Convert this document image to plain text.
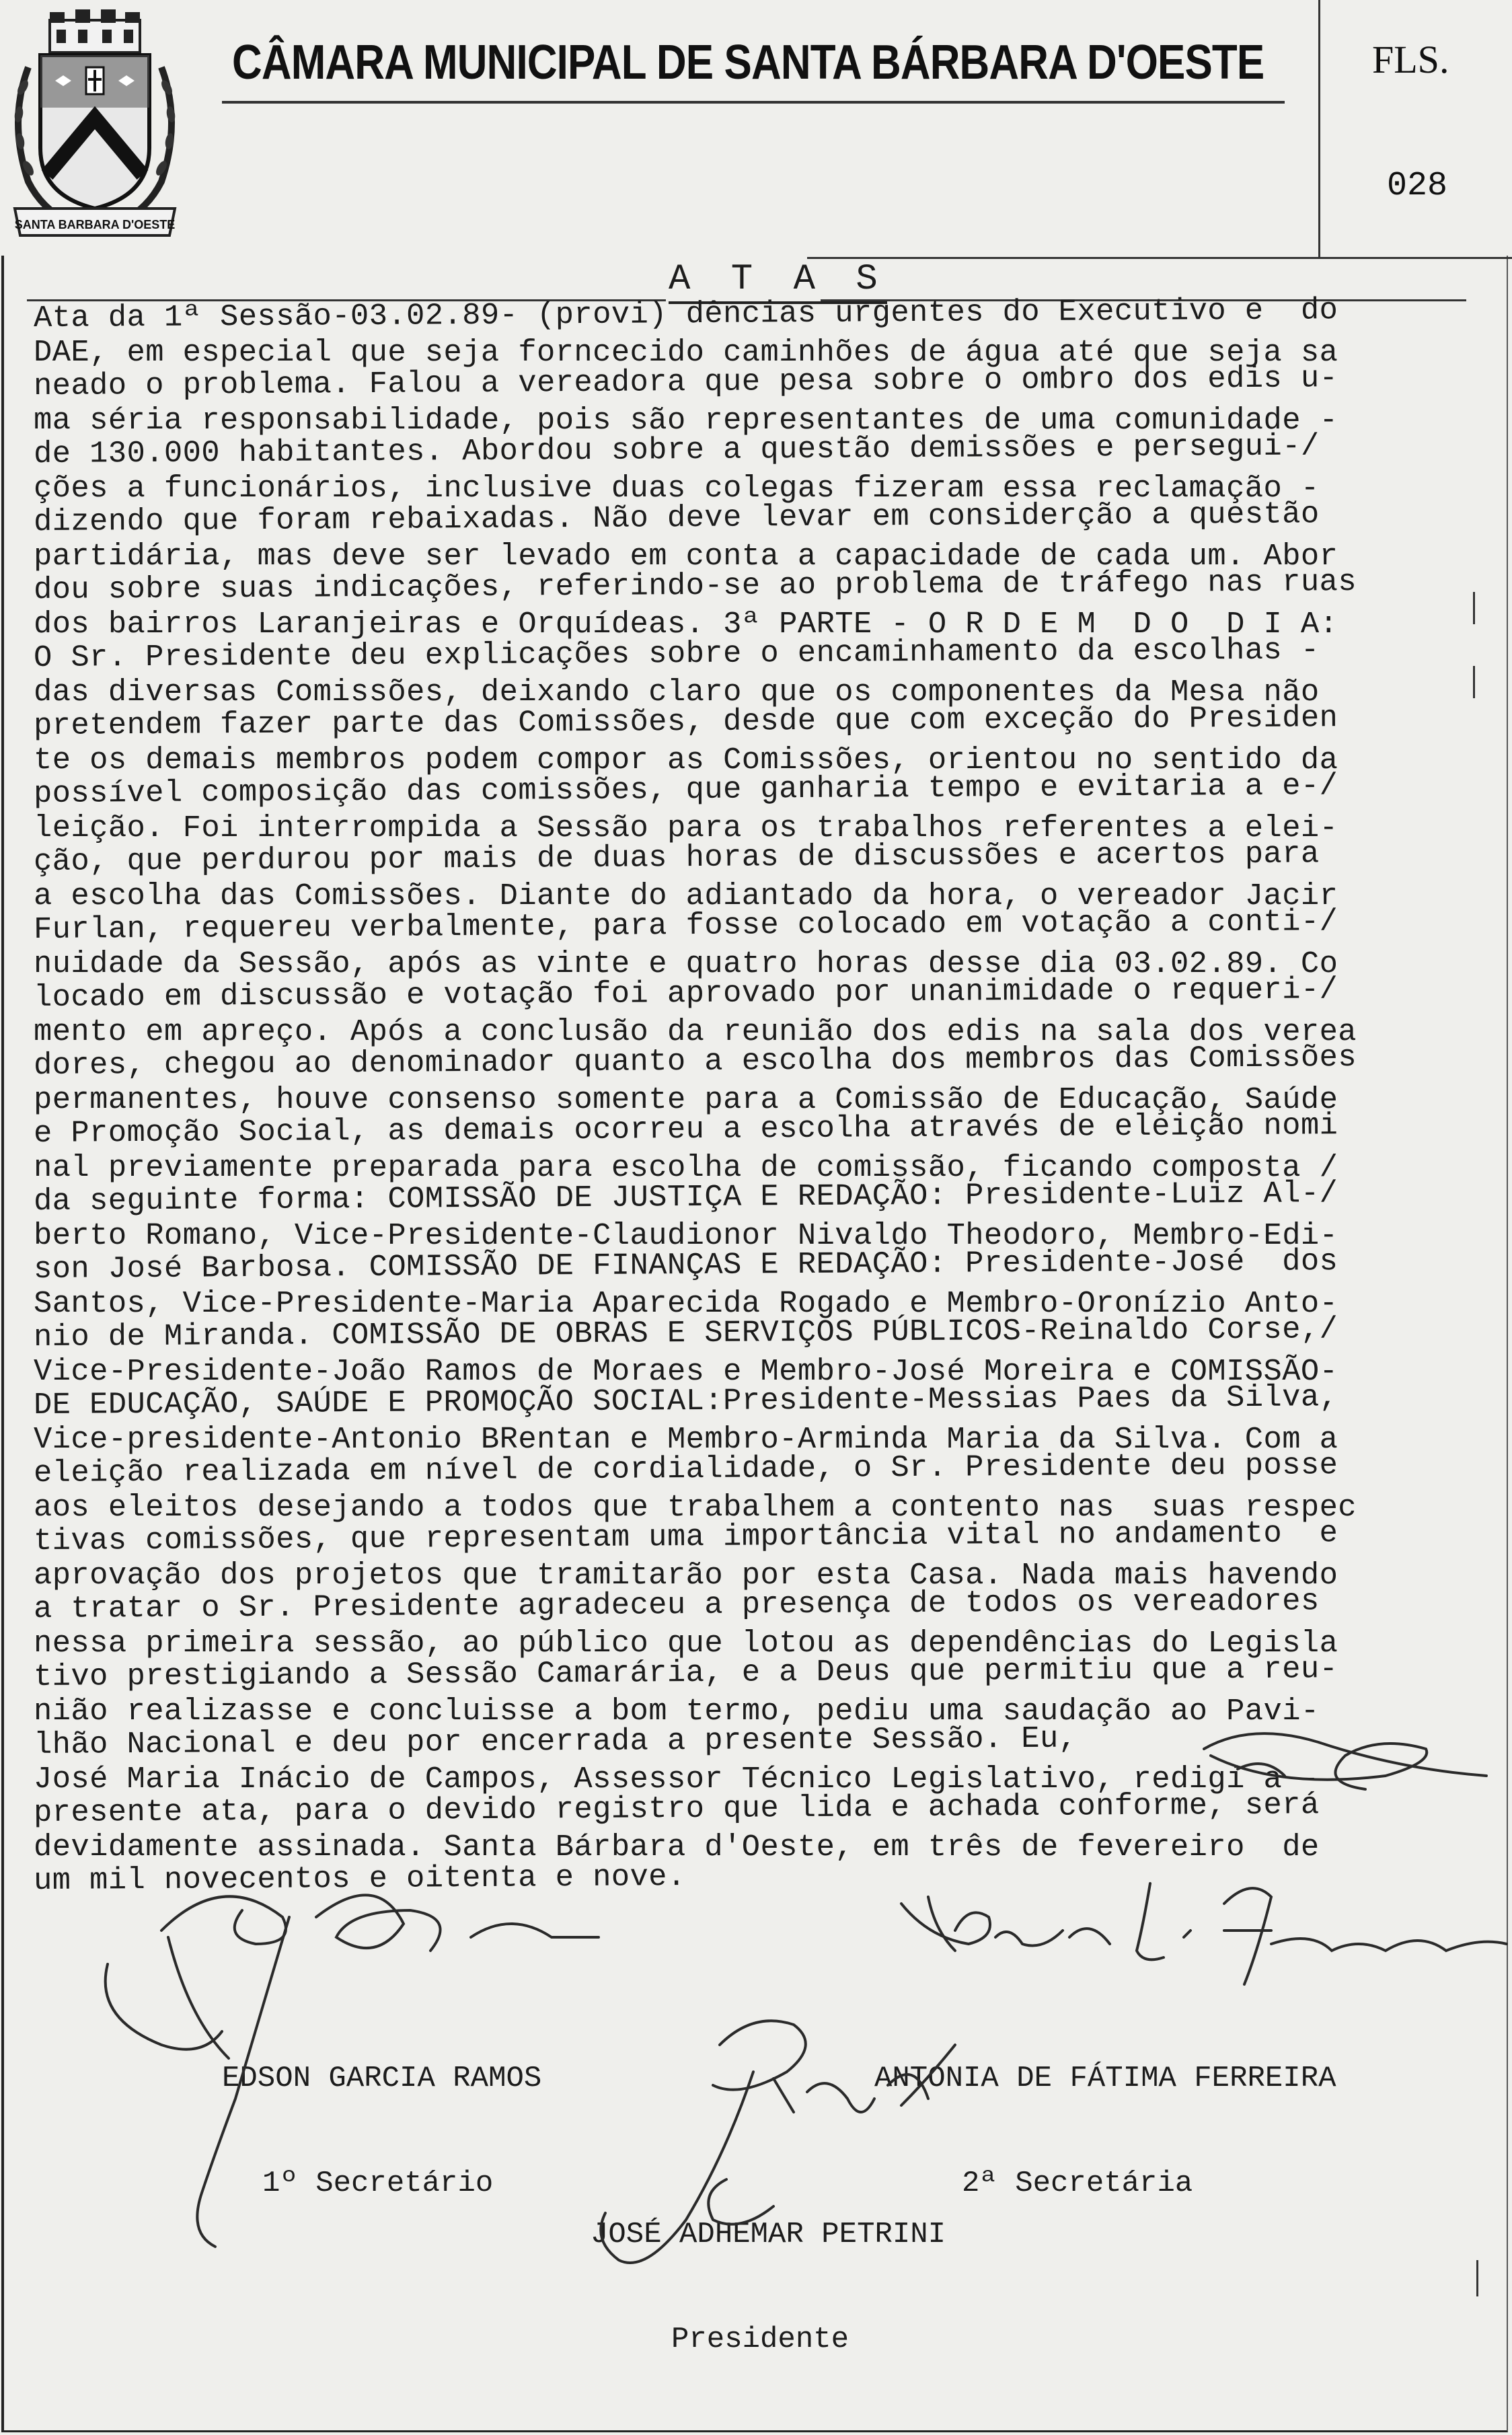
SANTA BARBARA D'OESTE
CÂMARA MUNICIPAL DE SANTA BÁRBARA D'OESTE	FLS.
028
A T A S
Ata da 1ª Sessão-03.02.89- (provi) dências urgentes do Executivo e  do
DAE, em especial que seja forncecido caminhões de água até que seja sa
neado o problema. Falou a vereadora que pesa sobre o ombro dos edis u-
ma séria responsabilidade, pois são representantes de uma comunidade -
de 130.000 habitantes. Abordou sobre a questão demissões e persegui-/
ções a funcionários, inclusive duas colegas fizeram essa reclamação -
dizendo que foram rebaixadas. Não deve levar em considerção a questão
partidária, mas deve ser levado em conta a capacidade de cada um. Abor
dou sobre suas indicações, referindo-se ao problema de tráfego nas ruas
dos bairros Laranjeiras e Orquídeas. 3ª PARTE - O R D E M  D O  D I A:
O Sr. Presidente deu explicações sobre o encaminhamento da escolhas -
das diversas Comissões, deixando claro que os componentes da Mesa não
pretendem fazer parte das Comissões, desde que com exceção do Presiden
te os demais membros podem compor as Comissões, orientou no sentido da
possível composição das comissões, que ganharia tempo e evitaria a e-/
leição. Foi interrompida a Sessão para os trabalhos referentes a elei-
ção, que perdurou por mais de duas horas de discussões e acertos para
a escolha das Comissões. Diante do adiantado da hora, o vereador Jacir
Furlan, requereu verbalmente, para fosse colocado em votação a conti-/
nuidade da Sessão, após as vinte e quatro horas desse dia 03.02.89. Co
locado em discussão e votação foi aprovado por unanimidade o requeri-/
mento em apreço. Após a conclusão da reunião dos edis na sala dos verea
dores, chegou ao denominador quanto a escolha dos membros das Comissões
permanentes, houve consenso somente para a Comissão de Educação, Saúde
e Promoção Social, as demais ocorreu a escolha através de eleição nomi
nal previamente preparada para escolha de comissão, ficando composta /
da seguinte forma: COMISSÃO DE JUSTIÇA E REDAÇÃO: Presidente-Luiz Al-/
berto Romano, Vice-Presidente-Claudionor Nivaldo Theodoro, Membro-Edi-
son José Barbosa. COMISSÃO DE FINANÇAS E REDAÇÃO: Presidente-José  dos
Santos, Vice-Presidente-Maria Aparecida Rogado e Membro-Oronízio Anto-
nio de Miranda. COMISSÃO DE OBRAS E SERVIÇOS PÚBLICOS-Reinaldo Corse,/
Vice-Presidente-João Ramos de Moraes e Membro-José Moreira e COMISSÃO-
DE EDUCAÇÃO, SAÚDE E PROMOÇÃO SOCIAL:Presidente-Messias Paes da Silva,
Vice-presidente-Antonio BRentan e Membro-Arminda Maria da Silva. Com a
eleição realizada em nível de cordialidade, o Sr. Presidente deu posse
aos eleitos desejando a todos que trabalhem a contento nas  suas respec
tivas comissões, que representam uma importância vital no andamento  e
aprovação dos projetos que tramitarão por esta Casa. Nada mais havendo
a tratar o Sr. Presidente agradeceu a presença de todos os vereadores
nessa primeira sessão, ao público que lotou as dependências do Legisla
tivo prestigiando a Sessão Camarária, e a Deus que permitiu que a reu-
nião realizasse e concluisse a bom termo, pediu uma saudação ao Pavi-
lhão Nacional e deu por encerrada a presente Sessão. Eu,
José Maria Inácio de Campos, Assessor Técnico Legislativo, redigi a -
presente ata, para o devido registro que lida e achada conforme, será
devidamente assinada. Santa Bárbara d'Oeste, em três de fevereiro  de
um mil novecentos e oitenta e nove.

EDSON GARCIA RAMOS

1º Secretário

ANTONIA DE FÁTIMA FERREIRA

2ª Secretária

JOSÉ ADHEMAR PETRINI

Presidente
